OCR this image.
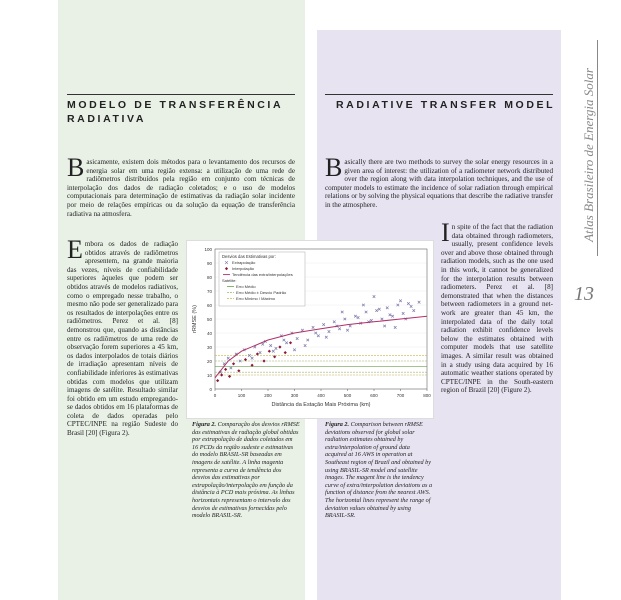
MODELO DE TRANSFERÊNCIA RADIATIVA
RADIATIVE TRANSFER MODEL
Basicamente, existem dois métodos para o levantamento dos recursos de energia solar em uma região extensa: a utilização de uma rede de radiômetros distribuídos pela região em conjunto com técnicas de interpolação dos dados de radiação coletados; e o uso de modelos computacionais para determinação de estimativas da radiação solar incidente por meio de relações empíricas ou da solução da equação de transferência radiativa na atmosfera.
Embora os dados de radiação obtidos através de radiômetros apresentem, na grande maioria das vezes, níveis de confiabilidade superiores àqueles que podem ser obtidos através de modelos radiativos, como o empregado nesse trabalho, o mesmo não pode ser generalizado para os resultados de interpolações entre os radiômetros. Perez et al. [8] demonstrou que, quando as distâncias entre os radiômetros de uma rede de observação forem superiores a 45 km, os dados interpolados de totais diários de irradiação apresentam níveis de confiabilidade inferiores às estimativas obtidas com modelos que utilizam imagens de satélite. Resultado similar foi obtido em um estudo empregando-se dados obtidos em 16 plataformas de coleta de dados operadas pelo CPTEC/INPE na região Sudeste do Brasil [20] (Figura 2).
Basically there are two methods to survey the solar energy resources in a given area of interest: the utilization of a radiometer network distributed over the region along with data interpolation techniques, and the use of computer models to estimate the incidence of solar radiation through empirical relations or by solving the physical equations that describe the radiative transfer in the atmosphere.
In spite of the fact that the radiation data obtained through radiometers, usually, present confidence levels over and above those obtained through radiation models, such as the one used in this work, it cannot be generalized for the interpolation results between radiometers. Perez et al. [8] demonstrated that when the distances between radiometers in a ground net-work are greater than 45 km, the interpolated data of the daily total radiation exhibit confidence levels below the estimates obtained with computer models that use satellite images. A similar result was obtained in a study using data acquired by 16 automatic weather stations operated by CPTEC/INPE in the South-eastern region of Brazil [20] (Figure 2).
Figura 2. Comparação dos desvios rRMSE das estimativas de radiação global obtidas por extrapolação de dados coletados em 16 PCDs da região sudeste e estimativas do modelo BRASIL-SR baseadas em imagens de satélite. A linha magenta representa a curva de tendência dos desvios das estimativas por extrapolação/interpolação em função da distância à PCD mais próxima. As linhas horizontais representam o intervalo dos desvios de estimativas fornecidas pelo modelo BRASIL-SR.
Figura 2. Comparison between rRMSE deviations observed for global solar radiation estimates obtained by extra/interpolation of ground data acquired at 16 AWS in operation at Southeast region of Brazil and obtained by using BRASIL-SR model and satellite images. The magent line is the tendency curve of extra/interpolation deviations as a function of distance from the nearest AWS. The horizontal lines represent the range of deviation values obtained by using BRASIL-SR.
0
10
20
30
40
50
60
70
80
90
100
0	100	200	300	400	500	600	700	800
Distância da Estação Mais Próxima (km)
rRMSE (%)
Desvios das Estimativas por:
Extrapolação
Interpolação
Tendência das extra/interpolações
Satélite:
Erro Médio
Erro Médio ± Desvio Padrão
Erro Mínimo / Máximo
Atlas Brasileiro de Energia Solar
13
